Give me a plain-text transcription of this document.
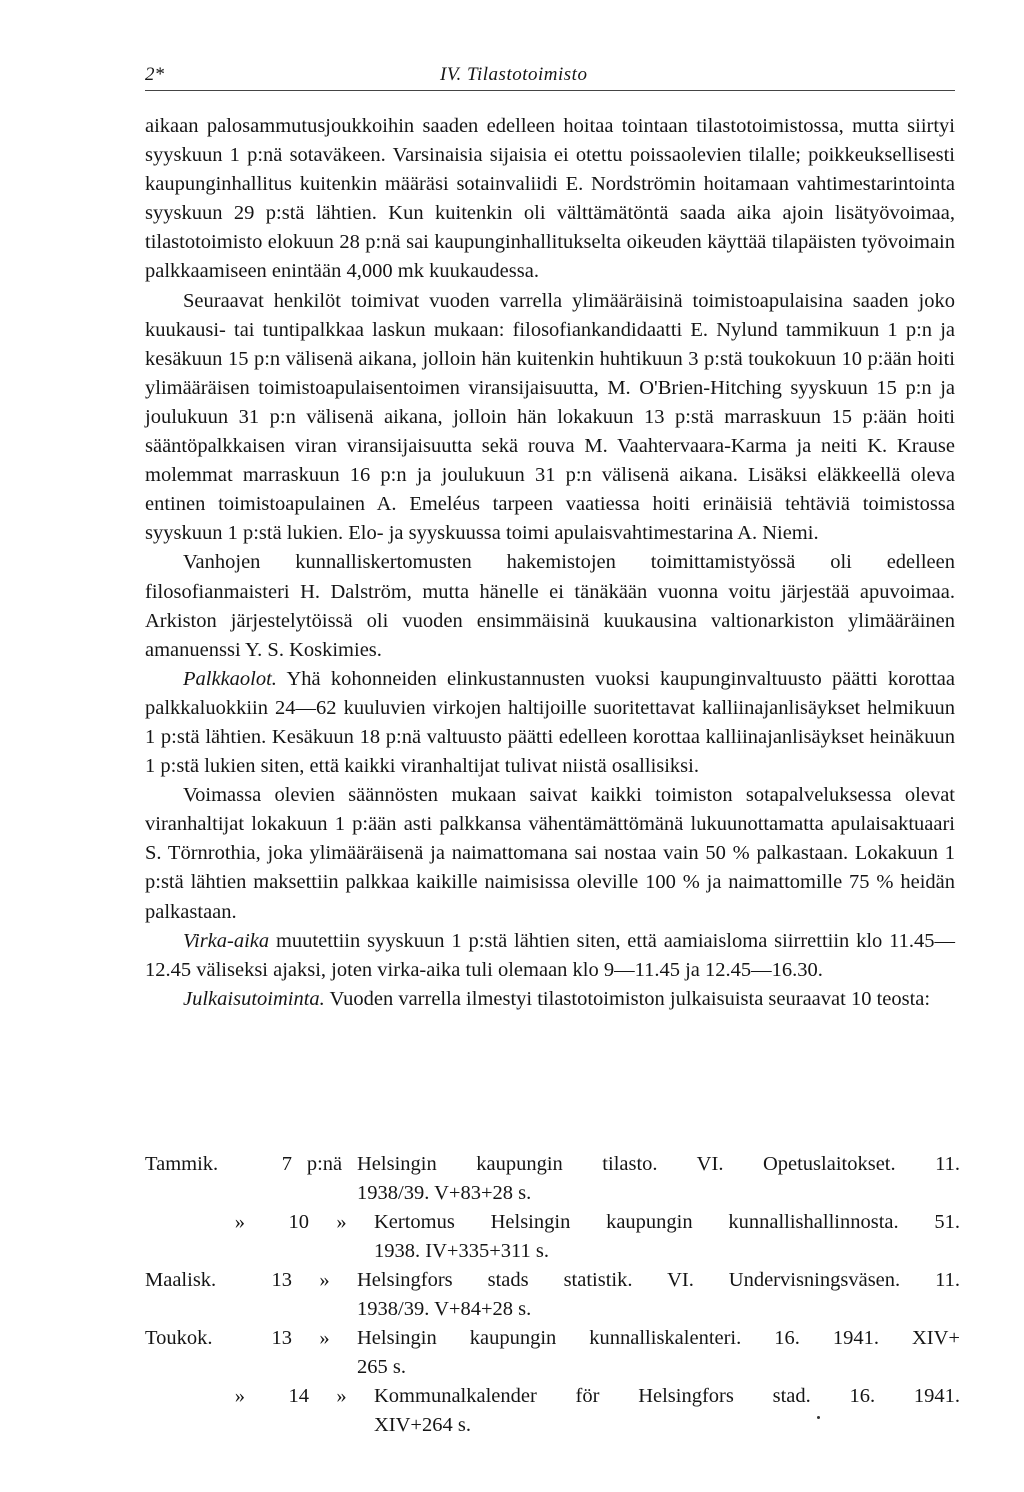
2*	IV. Tilastotoimisto

aikaan palosammutusjoukkoihin saaden edelleen hoitaa tointaan tilastotoimistossa, mutta siirtyi syyskuun 1 p:nä sotaväkeen. Varsinaisia sijaisia ei otettu poissaolevien tilalle; poikkeuksellisesti kaupunginhallitus kuitenkin määräsi sotainvaliidi E. Nordströmin hoitamaan vahtimestarintointa syyskuun 29 p:stä lähtien. Kun kuitenkin oli välttämätöntä saada aika ajoin lisätyövoimaa, tilastotoimisto elokuun 28 p:nä sai kaupunginhallitukselta oikeuden käyttää tilapäisten työvoimain palkkaamiseen enintään 4,000 mk kuukaudessa.

Seuraavat henkilöt toimivat vuoden varrella ylimääräisinä toimistoapulaisina saaden joko kuukausi- tai tuntipalkkaa laskun mukaan: filosofiankandidaatti E. Nylund tammikuun 1 p:n ja kesäkuun 15 p:n välisenä aikana, jolloin hän kuitenkin huhtikuun 3 p:stä toukokuun 10 p:ään hoiti ylimääräisen toimistoapulaisentoimen viransijaisuutta, M. O'Brien-Hitching syyskuun 15 p:n ja joulukuun 31 p:n välisenä aikana, jolloin hän lokakuun 13 p:stä marraskuun 15 p:ään hoiti sääntöpalkkaisen viran viransijaisuutta sekä rouva M. Vaahtervaara-Karma ja neiti K. Krause molemmat marraskuun 16 p:n ja joulukuun 31 p:n välisenä aikana. Lisäksi eläkkeellä oleva entinen toimistoapulainen A. Emeléus tarpeen vaatiessa hoiti erinäisiä tehtäviä toimistossa syyskuun 1 p:stä lukien. Elo- ja syyskuussa toimi apulaisvahtimestarina A. Niemi.

Vanhojen kunnalliskertomusten hakemistojen toimittamistyössä oli edelleen filosofianmaisteri H. Dalström, mutta hänelle ei tänäkään vuonna voitu järjestää apuvoimaa. Arkiston järjestelytöissä oli vuoden ensimmäisinä kuukausina valtionarkiston ylimääräinen amanuenssi Y. S. Koskimies.

Palkkaolot. Yhä kohonneiden elinkustannusten vuoksi kaupunginvaltuusto päätti korottaa palkkaluokkiin 24—62 kuuluvien virkojen haltijoille suoritettavat kalliinajanlisäykset helmikuun 1 p:stä lähtien. Kesäkuun 18 p:nä valtuusto päätti edelleen korottaa kalliinajanlisäykset heinäkuun 1 p:stä lukien siten, että kaikki viranhaltijat tulivat niistä osallisiksi.

Voimassa olevien säännösten mukaan saivat kaikki toimiston sotapalveluksessa olevat viranhaltijat lokakuun 1 p:ään asti palkkansa vähentämättömänä lukuunottamatta apulaisaktuaari S. Törnrothia, joka ylimääräisenä ja naimattomana sai nostaa vain 50 % palkastaan. Lokakuun 1 p:stä lähtien maksettiin palkkaa kaikille naimisissa oleville 100 % ja naimattomille 75 % heidän palkastaan.

Virka-aika muutettiin syyskuun 1 p:stä lähtien siten, että aamiaisloma siirrettiin klo 11.45—12.45 väliseksi ajaksi, joten virka-aika tuli olemaan klo 9—11.45 ja 12.45—16.30.

Julkaisutoiminta. Vuoden varrella ilmestyi tilastotoimiston julkaisuista seuraavat 10 teosta:

Tammik.	7 p:nä Helsingin kaupungin tilasto. VI. Opetuslaitokset. 11.
1938/39. V+83+28 s.
»	10	»	Kertomus Helsingin kaupungin kunnallishallinnosta. 51.
1938. IV+335+311 s.
Maalisk.	13	»	Helsingfors stads statistik. VI. Undervisningsväsen. 11.
1938/39. V+84+28 s.
Toukok.	13	»	Helsingin kaupungin kunnalliskalenteri. 16. 1941. XIV+
265 s.
»	14	»	Kommunalkalender för Helsingfors stad. 16. 1941.
XIV+264 s.
